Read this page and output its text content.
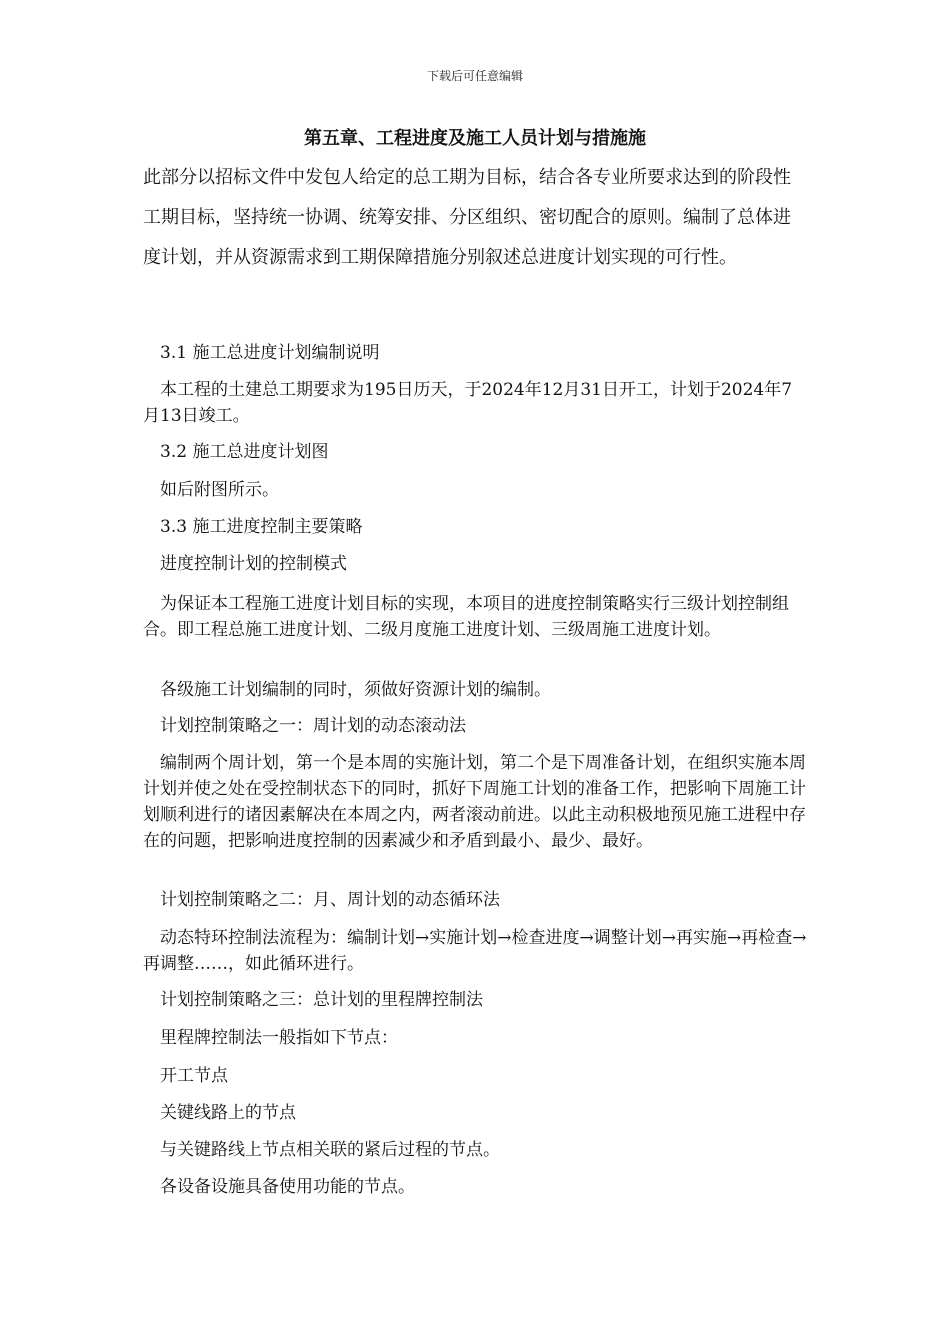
下载后可任意编辑
第五章、工程进度及施工人员计划与措施施

此部分以招标文件中发包人给定的总工期为目标，结合各专业所要求达到的阶段性工期目标，坚持统一协调、统筹安排、分区组织、密切配合的原则。编制了总体进度计划，并从资源需求到工期保障措施分别叙述总进度计划实现的可行性。

3.1 施工总进度计划编制说明

本工程的土建总工期要求为195日历天，于2024年12月31日开工，计划于2024年7月13日竣工。

3.2 施工总进度计划图

如后附图所示。

3.3 施工进度控制主要策略

进度控制计划的控制模式

为保证本工程施工进度计划目标的实现，本项目的进度控制策略实行三级计划控制组合。即工程总施工进度计划、二级月度施工进度计划、三级周施工进度计划。

各级施工计划编制的同时，须做好资源计划的编制。

计划控制策略之一：周计划的动态滚动法

编制两个周计划，第一个是本周的实施计划，第二个是下周准备计划，在组织实施本周计划并使之处在受控制状态下的同时，抓好下周施工计划的准备工作，把影响下周施工计划顺利进行的诸因素解决在本周之内，两者滚动前进。以此主动积极地预见施工进程中存在的问题，把影响进度控制的因素减少和矛盾到最小、最少、最好。

计划控制策略之二：月、周计划的动态循环法

动态特环控制法流程为：编制计划→实施计划→检查进度→调整计划→再实施→再检查→再调整……，如此循环进行。

计划控制策略之三：总计划的里程牌控制法

里程牌控制法一般指如下节点：

开工节点

关键线路上的节点

与关键路线上节点相关联的紧后过程的节点。

各设备设施具备使用功能的节点。
